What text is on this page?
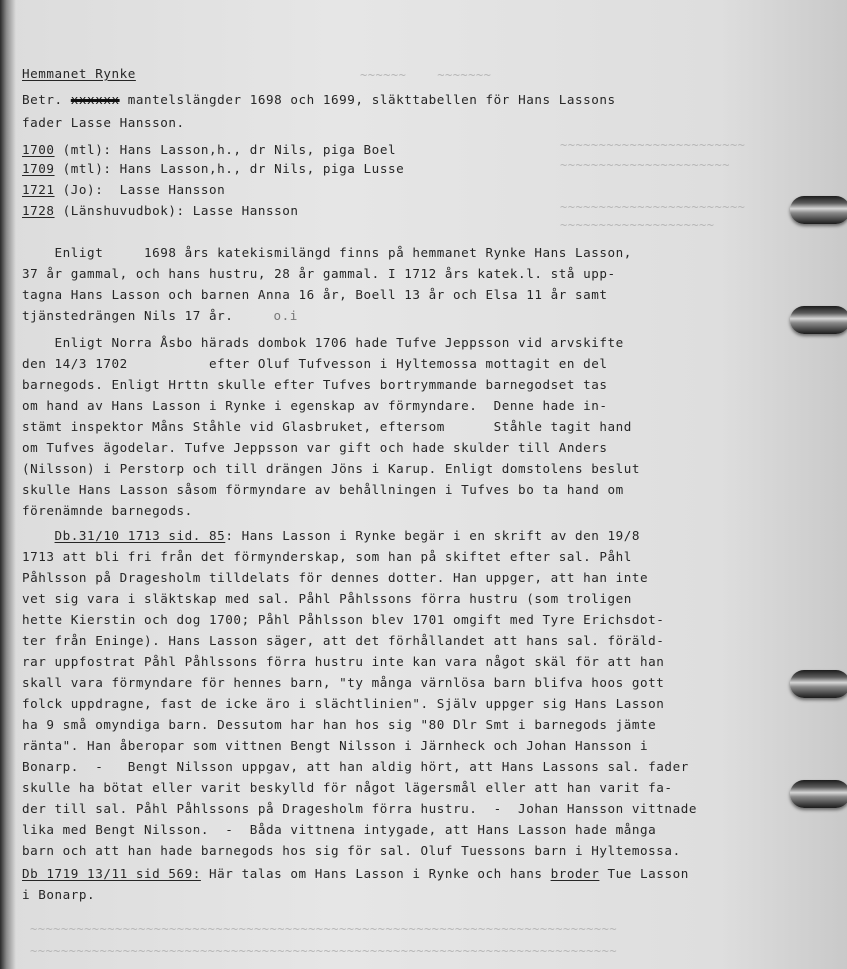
~~~~~~    ~~~~~~~
~~~~~~~~~~~~~~~~~~~~~~~~
~~~~~~~~~~~~~~~~~~~~~~
~~~~~~~~~~~~~~~~~~~~~~~~
~~~~~~~~~~~~~~~~~~~~
~~~~~~~~~~~~~~~~~~~~~~~~~~~~~~~~~~~~~~~~~~~~~~~~~~~~~~~~~~~~~~~~~~~~~~~~~~~~
~~~~~~~~~~~~~~~~~~~~~~~~~~~~~~~~~~~~~~~~~~~~~~~~~~~~~~~~~~~~~~~~~~~~~~~~~~~~
Hemmanet Rynke
Betr. xxxxxx mantelslängder 1698 och 1699, släkttabellen för Hans Lassons
fader Lasse Hansson.
1700 (mtl): Hans Lasson,h., dr Nils, piga Boel
1709 (mtl): Hans Lasson,h., dr Nils, piga Lusse
1721 (Jo):  Lasse Hansson
1728 (Länshuvudbok): Lasse Hansson
Enligt     1698 års katekismilängd finns på hemmanet Rynke Hans Lasson,
37 år gammal, och hans hustru, 28 år gammal. I 1712 års katek.l. stå upp-
tagna Hans Lasson och barnen Anna 16 år, Boell 13 år och Elsa 11 år samt
tjänstedrängen Nils 17 år.	o.i
Enligt Norra Åsbo härads dombok 1706 hade Tufve Jeppsson vid arvskifte
den 14/3 1702          efter Oluf Tufvesson i Hyltemossa mottagit en del
barnegods. Enligt Hrttn skulle efter Tufves bortrymmande barnegodset tas
om hand av Hans Lasson i Rynke i egenskap av förmyndare.  Denne hade in-
stämt inspektor Måns Ståhle vid Glasbruket, eftersom      Ståhle tagit hand
om Tufves ägodelar. Tufve Jeppsson var gift och hade skulder till Anders
(Nilsson) i Perstorp och till drängen Jöns i Karup. Enligt domstolens beslut
skulle Hans Lasson såsom förmyndare av behållningen i Tufves bo ta hand om
förenämnde barnegods.
Db.31/10 1713 sid. 85: Hans Lasson i Rynke begär i en skrift av den 19/8
1713 att bli fri från det förmynderskap, som han på skiftet efter sal. Påhl
Påhlsson på Dragesholm tilldelats för dennes dotter. Han uppger, att han inte
vet sig vara i släktskap med sal. Påhl Påhlssons förra hustru (som troligen
hette Kierstin och dog 1700; Påhl Påhlsson blev 1701 omgift med Tyre Erichsdot-
ter från Eninge). Hans Lasson säger, att det förhållandet att hans sal. föräld-
rar uppfostrat Påhl Påhlssons förra hustru inte kan vara något skäl för att han
skall vara förmyndare för hennes barn, "ty många värnlösa barn blifva hoos gott
folck uppdragne, fast de icke äro i slächtlinien". Själv uppger sig Hans Lasson
ha 9 små omyndiga barn. Dessutom har han hos sig "80 Dlr Smt i barnegods jämte
ränta". Han åberopar som vittnen Bengt Nilsson i Järnheck och Johan Hansson i
Bonarp.  -   Bengt Nilsson uppgav, att han aldig hört, att Hans Lassons sal. fader
skulle ha bötat eller varit beskylld för något lägersmål eller att han varit fa-
der till sal. Påhl Påhlssons på Dragesholm förra hustru.  -  Johan Hansson vittnade
lika med Bengt Nilsson.  -  Båda vittnena intygade, att Hans Lasson hade många
barn och att han hade barnegods hos sig för sal. Oluf Tuessons barn i Hyltemossa.
Db 1719 13/11 sid 569: Här talas om Hans Lasson i Rynke och hans broder Tue Lasson
i Bonarp.
